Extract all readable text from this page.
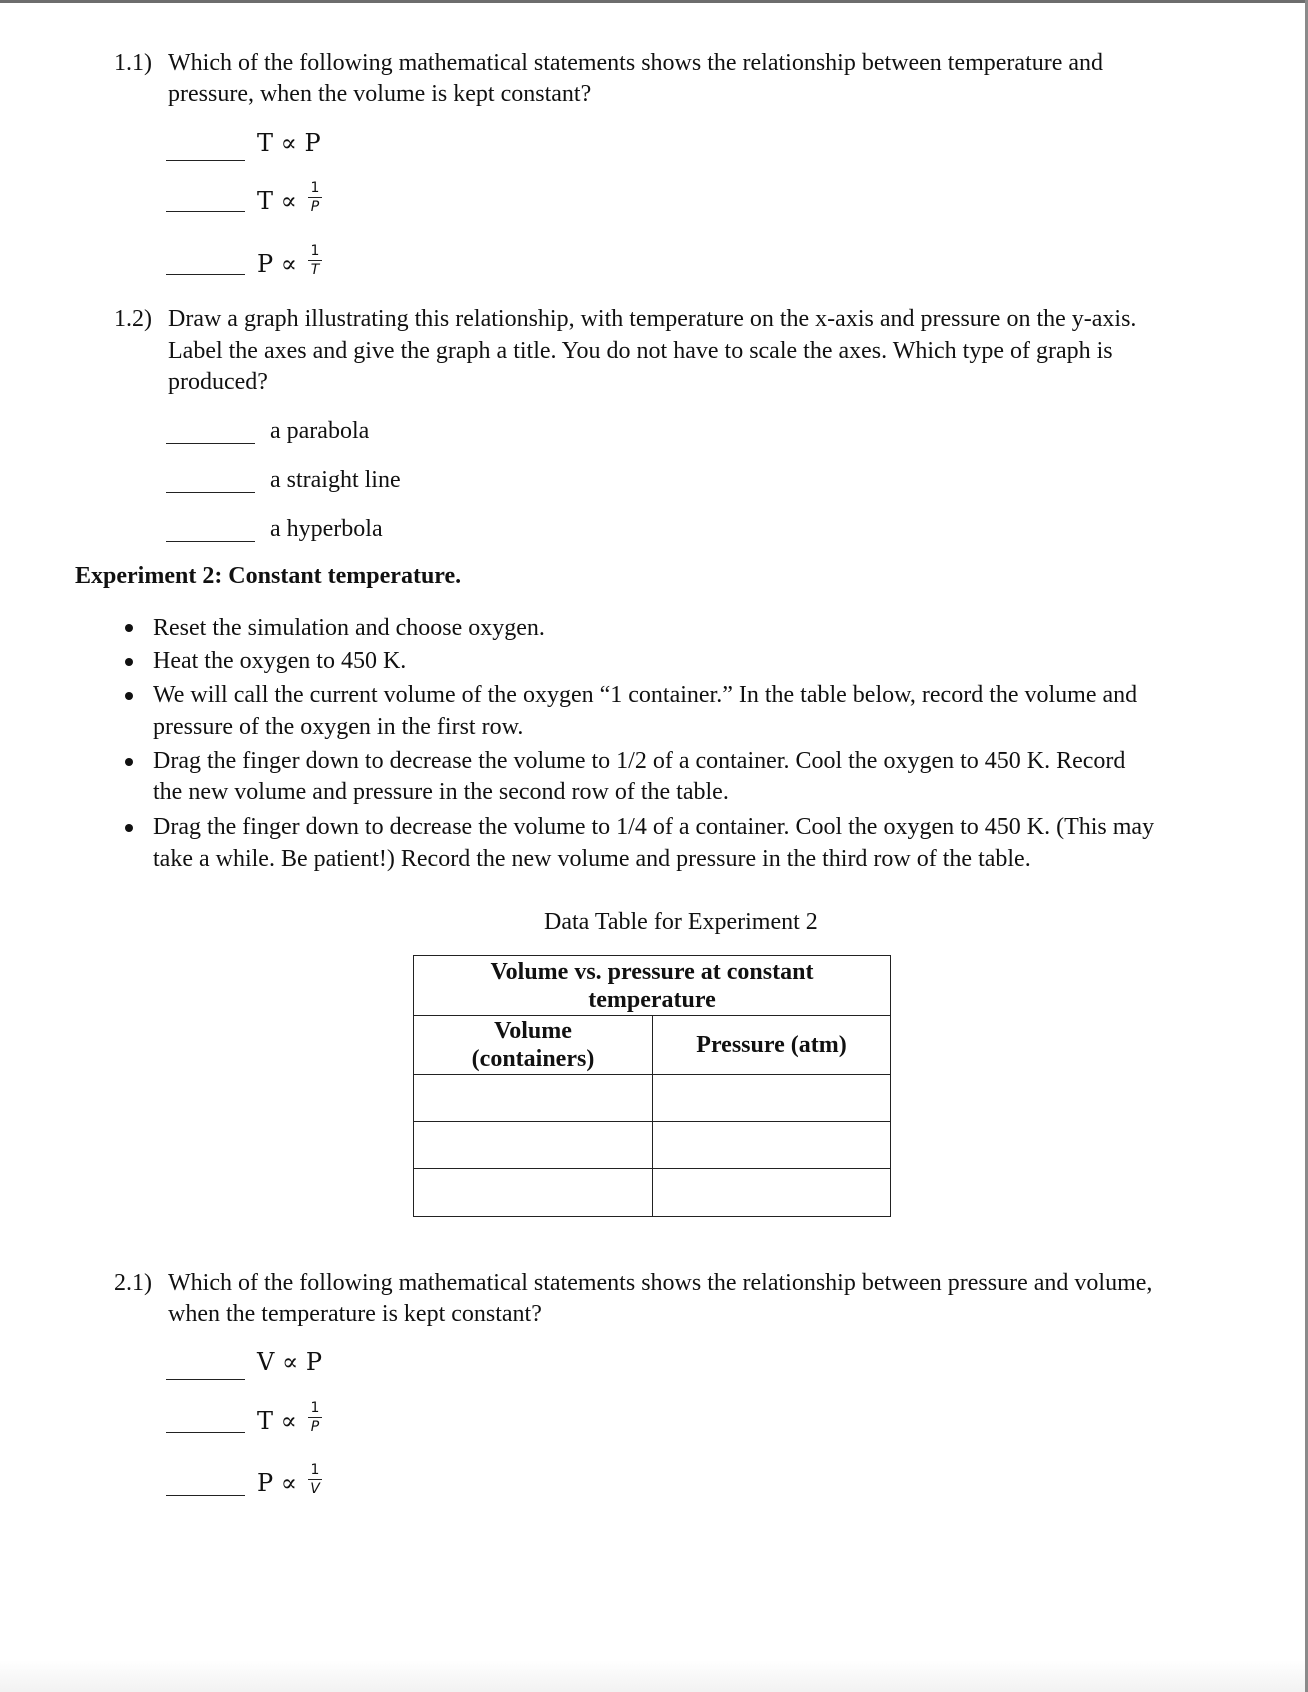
1.1) Which of the following mathematical statements shows the relationship between temperature and
pressure, when the volume is kept constant?
T ∝ P
T ∝ 1
P
P ∝ 1
T
1.2) Draw a graph illustrating this relationship, with temperature on the x-axis and pressure on the y-axis.
Label the axes and give the graph a title. You do not have to scale the axes. Which type of graph is
produced?
a parabola
a straight line
a hyperbola
Experiment 2: Constant temperature.
Reset the simulation and choose oxygen.
Heat the oxygen to 450 K.
We will call the current volume of the oxygen “1 container.” In the table below, record the volume and
pressure of the oxygen in the first row.
Drag the finger down to decrease the volume to 1/2 of a container. Cool the oxygen to 450 K. Record
the new volume and pressure in the second row of the table.
Drag the finger down to decrease the volume to 1/4 of a container. Cool the oxygen to 450 K. (This may
take a while. Be patient!) Record the new volume and pressure in the third row of the table.
Data Table for Experiment 2
Volume vs. pressure at constant
temperature	

Volume
(containers)	Pressure (atm)

2.1) Which of the following mathematical statements shows the relationship between pressure and volume,
when the temperature is kept constant?
V ∝ P
T ∝ 1
P
P ∝ 1
V
